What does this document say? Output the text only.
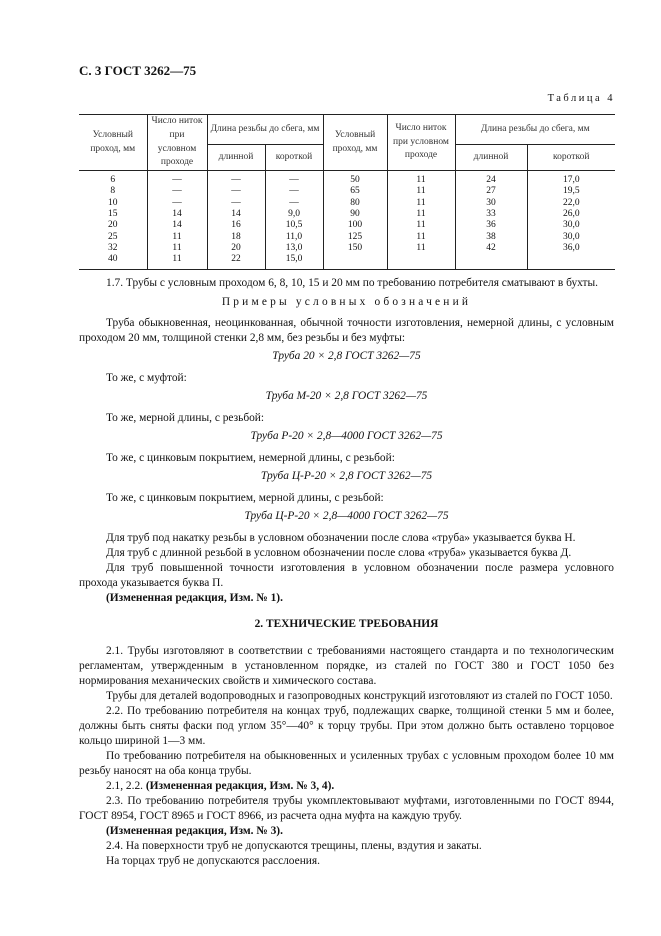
С. 3 ГОСТ 3262—75
Таблица 4
Условный проход, мм	Число ниток при условном проходе	Длина резьбы до сбега, мм		Условный проход, мм	Число ниток при условном проходе	Длина резьбы до сбега, мм	
		длинной	короткой			длинной	короткой
6	—	—	—	50	11	24	17,0
8	—	—	—	65	11	27	19,5
10	—	—	—	80	11	30	22,0
15	14	14	9,0	90	11	33	26,0
20	14	16	10,5	100	11	36	30,0
25	11	18	11,0	125	11	38	30,0
32	11	20	13,0	150	11	42	36,0
40	11	22	15,0				

1.7. Трубы с условным проходом 6, 8, 10, 15 и 20 мм по требованию потребителя сматывают в бухты.

Примеры условных обозначений

Труба обыкновенная, неоцинкованная, обычной точности изготовления, немерной длины, с условным проходом 20 мм, толщиной стенки 2,8 мм, без резьбы и без муфты:

Труба 20 × 2,8 ГОСТ 3262—75

То же, с муфтой:

Труба М-20 × 2,8 ГОСТ 3262—75

То же, мерной длины, с резьбой:

Труба Р-20 × 2,8—4000 ГОСТ 3262—75

То же, с цинковым покрытием, немерной длины, с резьбой:

Труба Ц-Р-20 × 2,8 ГОСТ 3262—75

То же, с цинковым покрытием, мерной длины, с резьбой:

Труба Ц-Р-20 × 2,8—4000 ГОСТ 3262—75

Для труб под накатку резьбы в условном обозначении после слова «труба» указывается буква Н.

Для труб с длинной резьбой в условном обозначении после слова «труба» указывается буква Д.

Для труб повышенной точности изготовления в условном обозначении после размера условного прохода указывается буква П.

(Измененная редакция, Изм. № 1).

2. ТЕХНИЧЕСКИЕ ТРЕБОВАНИЯ

2.1. Трубы изготовляют в соответствии с требованиями настоящего стандарта и по технологическим регламентам, утвержденным в установленном порядке, из сталей по ГОСТ 380 и ГОСТ 1050 без нормирования механических свойств и химического состава.

Трубы для деталей водопроводных и газопроводных конструкций изготовляют из сталей по ГОСТ 1050.

2.2. По требованию потребителя на концах труб, подлежащих сварке, толщиной стенки 5 мм и более, должны быть сняты фаски под углом 35°—40° к торцу трубы. При этом должно быть оставлено торцовое кольцо шириной 1—3 мм.

По требованию потребителя на обыкновенных и усиленных трубах с условным проходом более 10 мм резьбу наносят на оба конца трубы.

2.1, 2.2. (Измененная редакция, Изм. № 3, 4).

2.3. По требованию потребителя трубы укомплектовывают муфтами, изготовленными по ГОСТ 8944, ГОСТ 8954, ГОСТ 8965 и ГОСТ 8966, из расчета одна муфта на каждую трубу.

(Измененная редакция, Изм. № 3).

2.4. На поверхности труб не допускаются трещины, плены, вздутия и закаты.

На торцах труб не допускаются расслоения.
